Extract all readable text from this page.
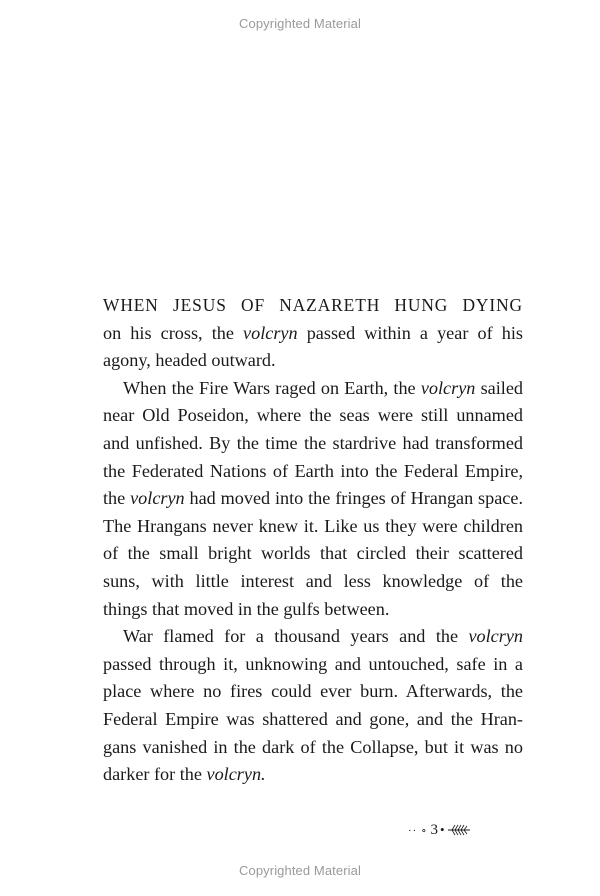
Copyrighted Material
WHEN JESUS OF NAZARETH HUNG DYING
on his cross, the volcryn passed within a year of his
agony, headed outward.
When the Fire Wars raged on Earth, the volcryn sailed
near Old Poseidon, where the seas were still unnamed
and unfished. By the time the stardrive had transformed
the Federated Nations of Earth into the Federal Empire,
the volcryn had moved into the fringes of Hrangan space.
The Hrangans never knew it. Like us they were children
of the small bright worlds that circled their scattered
suns, with little interest and less knowledge of the
things that moved in the gulfs between.
War flamed for a thousand years and the volcryn
passed through it, unknowing and untouched, safe in a
place where no fires could ever burn. Afterwards, the
Federal Empire was shattered and gone, and the Hran-
gans vanished in the dark of the Collapse, but it was no
darker for the volcryn.
·· ∘ 3 •
Copyrighted Material
